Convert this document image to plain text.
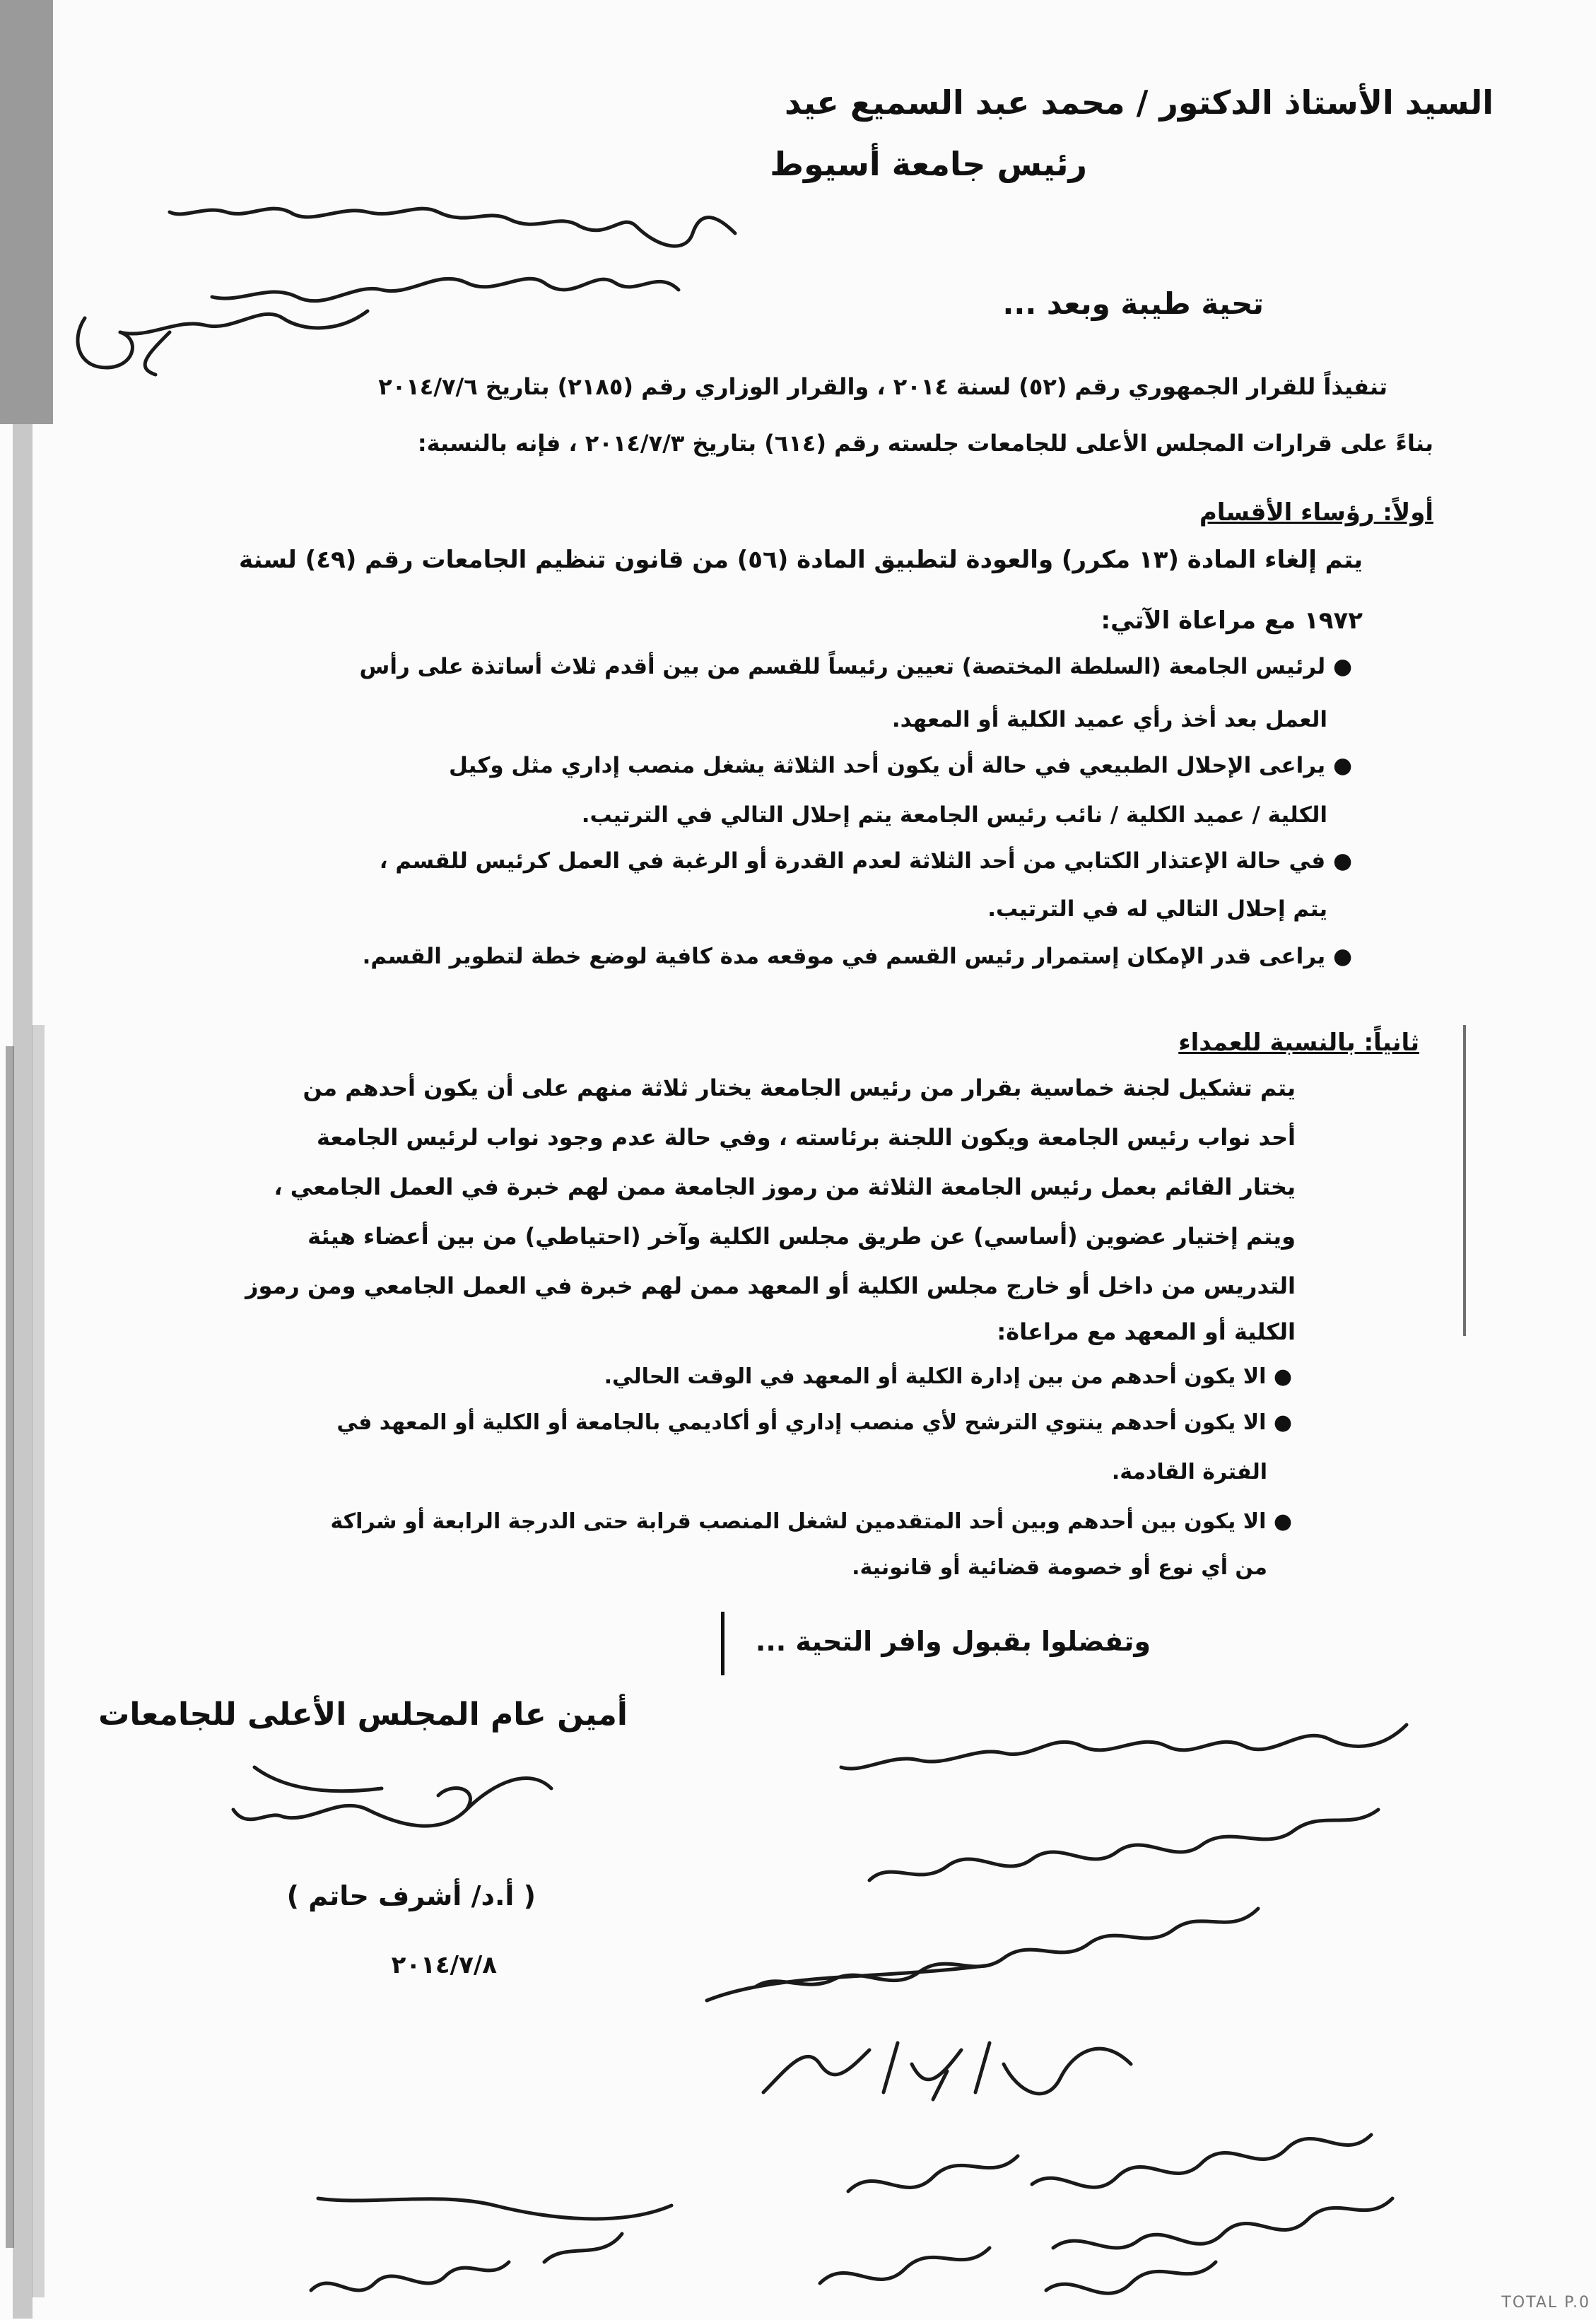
السيد الأستاذ الدكتور / محمد عبد السميع عيد
رئيس جامعة أسيوط
تحية طيبة وبعد ...
تنفيذاً للقرار الجمهوري رقم (٥٢) لسنة ٢٠١٤ ، والقرار الوزاري رقم (٢١٨٥) بتاريخ ٢٠١٤/٧/٦
بناءً على قرارات المجلس الأعلى للجامعات جلسته رقم (٦١٤) بتاريخ ٢٠١٤/٧/٣ ، فإنه بالنسبة:
أولاً: رؤساء الأقسام
يتم إلغاء المادة (١٣ مكرر) والعودة لتطبيق المادة (٥٦) من قانون تنظيم الجامعات رقم (٤٩) لسنة
١٩٧٢ مع مراعاة الآتي:
● لرئيس الجامعة (السلطة المختصة) تعيين رئيساً للقسم من بين أقدم ثلاث أساتذة على رأس
العمل بعد أخذ رأي عميد الكلية أو المعهد.
● يراعى الإحلال الطبيعي في حالة أن يكون أحد الثلاثة يشغل منصب إداري مثل وكيل
الكلية / عميد الكلية / نائب رئيس الجامعة يتم إحلال التالي في الترتيب.
● في حالة الإعتذار الكتابي من أحد الثلاثة لعدم القدرة أو الرغبة في العمل كرئيس للقسم ،
يتم إحلال التالي له في الترتيب.
● يراعى قدر الإمكان إستمرار رئيس القسم في موقعه مدة كافية لوضع خطة لتطوير القسم.
ثانياً: بالنسبة للعمداء
يتم تشكيل لجنة خماسية بقرار من رئيس الجامعة يختار ثلاثة منهم على أن يكون أحدهم من
أحد نواب رئيس الجامعة ويكون اللجنة برئاسته ، وفي حالة عدم وجود نواب لرئيس الجامعة
يختار القائم بعمل رئيس الجامعة الثلاثة من رموز الجامعة ممن لهم خبرة في العمل الجامعي ،
ويتم إختيار عضوين (أساسي) عن طريق مجلس الكلية وآخر (احتياطي) من بين أعضاء هيئة
التدريس من داخل أو خارج مجلس الكلية أو المعهد ممن لهم خبرة في العمل الجامعي ومن رموز
الكلية أو المعهد مع مراعاة:
● الا يكون أحدهم من بين إدارة الكلية أو المعهد في الوقت الحالي.
● الا يكون أحدهم ينتوي الترشح لأي منصب إداري أو أكاديمي بالجامعة أو الكلية أو المعهد في
الفترة القادمة.
● الا يكون بين أحدهم وبين أحد المتقدمين لشغل المنصب قرابة حتى الدرجة الرابعة أو شراكة
من أي نوع أو خصومة قضائية أو قانونية.
وتفضلوا بقبول وافر التحية ...
أمين عام المجلس الأعلى للجامعات
( أ.د/ أشرف حاتم )
٢٠١٤/٧/٨
TOTAL P.0
